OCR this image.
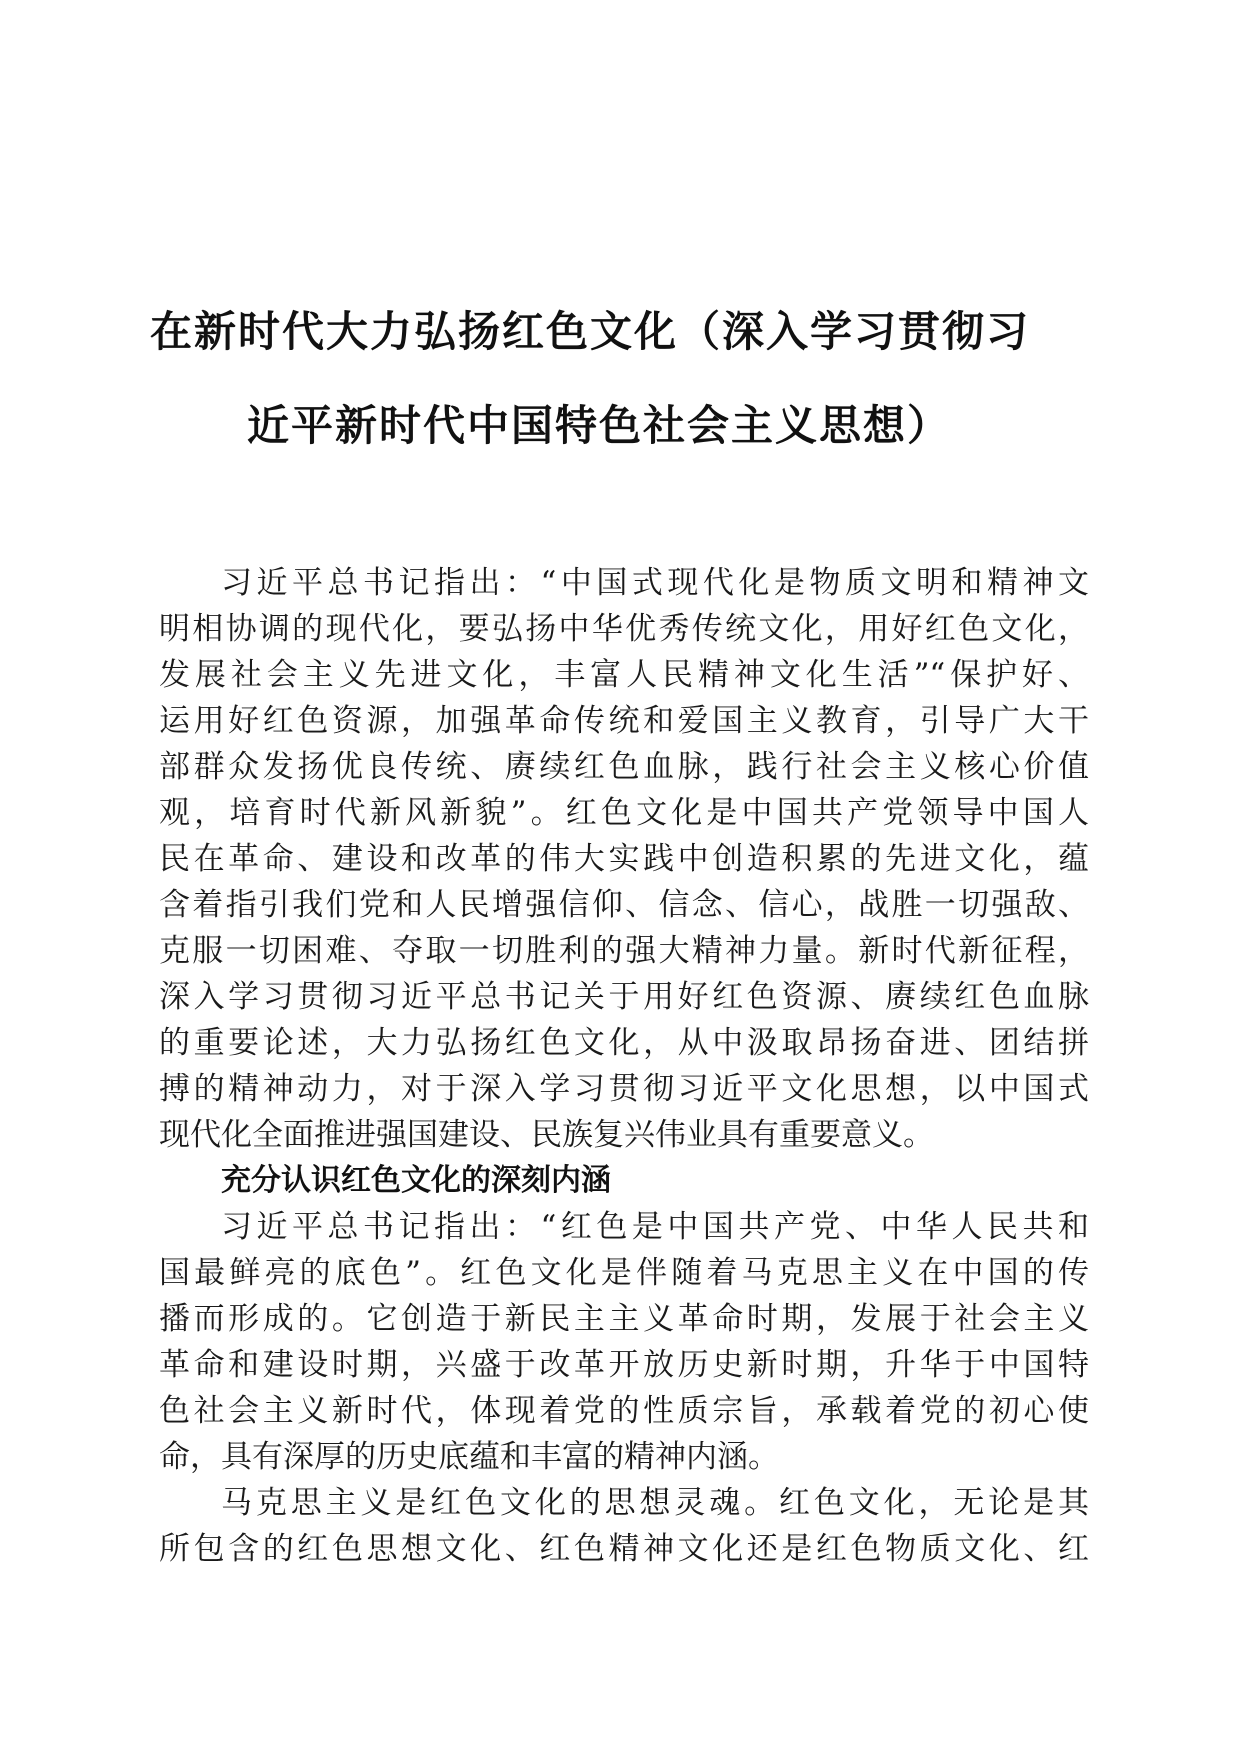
在新时代大力弘扬红色文化（深入学习贯彻习
近平新时代中国特色社会主义思想）
习近平总书记指出：“中国式现代化是物质文明和精神文
明相协调的现代化，要弘扬中华优秀传统文化，用好红色文化，
发展社会主义先进文化，丰富人民精神文化生活”“保护好、
运用好红色资源，加强革命传统和爱国主义教育，引导广大干
部群众发扬优良传统、赓续红色血脉，践行社会主义核心价值
观，培育时代新风新貌”。红色文化是中国共产党领导中国人
民在革命、建设和改革的伟大实践中创造积累的先进文化，蕴
含着指引我们党和人民增强信仰、信念、信心，战胜一切强敌、
克服一切困难、夺取一切胜利的强大精神力量。新时代新征程，
深入学习贯彻习近平总书记关于用好红色资源、赓续红色血脉
的重要论述，大力弘扬红色文化，从中汲取昂扬奋进、团结拼
搏的精神动力，对于深入学习贯彻习近平文化思想，以中国式
现代化全面推进强国建设、民族复兴伟业具有重要意义。
充分认识红色文化的深刻内涵
习近平总书记指出：“红色是中国共产党、中华人民共和
国最鲜亮的底色”。红色文化是伴随着马克思主义在中国的传
播而形成的。它创造于新民主主义革命时期，发展于社会主义
革命和建设时期，兴盛于改革开放历史新时期，升华于中国特
色社会主义新时代，体现着党的性质宗旨，承载着党的初心使
命，具有深厚的历史底蕴和丰富的精神内涵。
马克思主义是红色文化的思想灵魂。红色文化，无论是其
所包含的红色思想文化、红色精神文化还是红色物质文化、红
